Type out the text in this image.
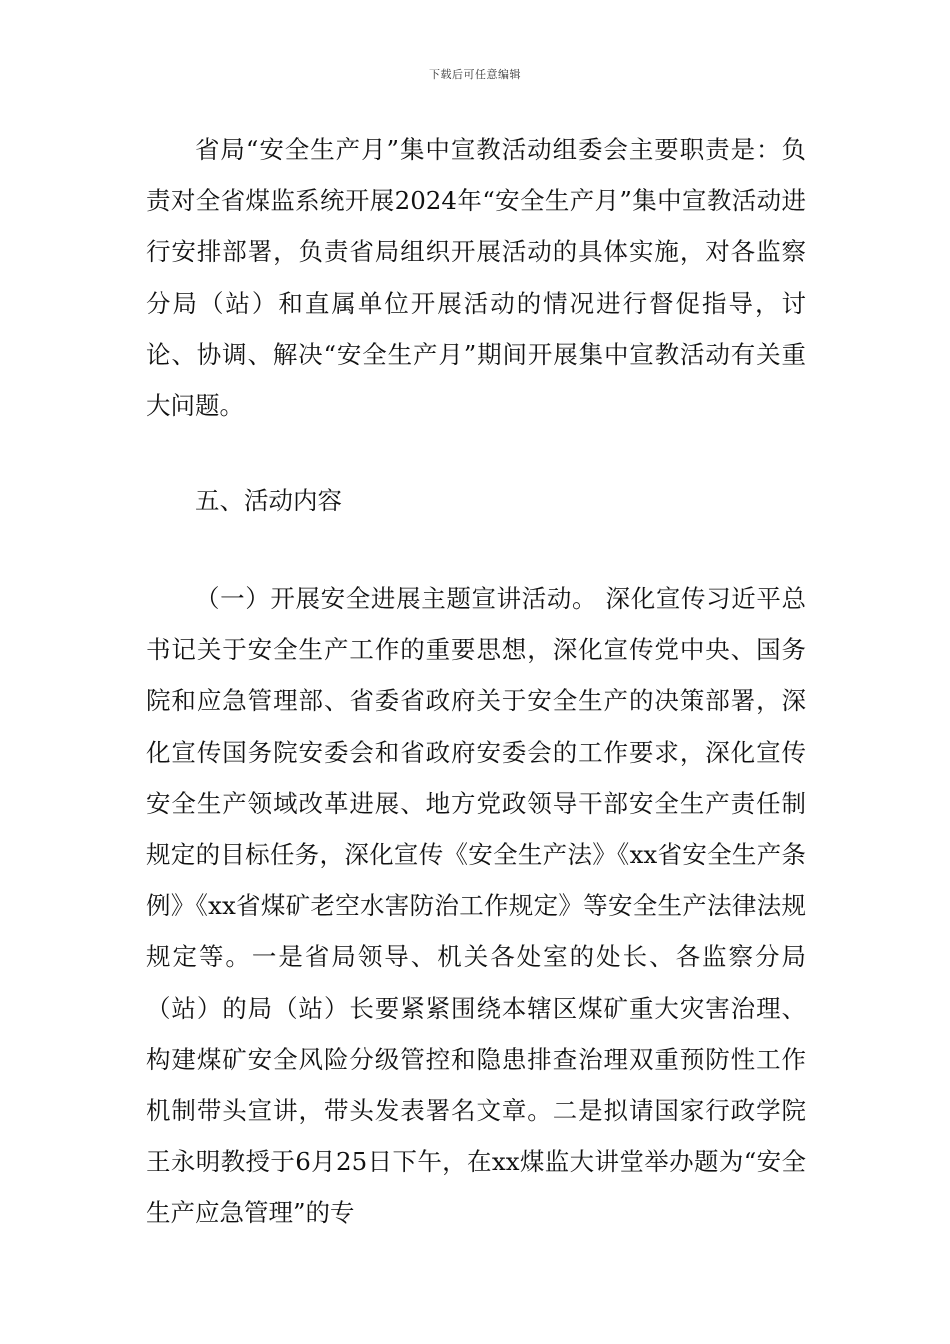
下载后可任意编辑

省局“安全生产月”集中宣教活动组委会主要职责是：负责对全省煤监系统开展2024年“安全生产月”集中宣教活动进行安排部署，负责省局组织开展活动的具体实施，对各监察分局（站）和直属单位开展活动的情况进行督促指导，讨论、协调、解决“安全生产月”期间开展集中宣教活动有关重大问题。

五、活动内容

（一）开展安全进展主题宣讲活动。 深化宣传习近平总书记关于安全生产工作的重要思想，深化宣传党中央、国务院和应急管理部、省委省政府关于安全生产的决策部署，深化宣传国务院安委会和省政府安委会的工作要求，深化宣传安全生产领域改革进展、地方党政领导干部安全生产责任制规定的目标任务，深化宣传《安全生产法》《xx省安全生产条例》《xx省煤矿老空水害防治工作规定》等安全生产法律法规规定等。一是省局领导、机关各处室的处长、各监察分局（站）的局（站）长要紧紧围绕本辖区煤矿重大灾害治理、构建煤矿安全风险分级管控和隐患排查治理双重预防性工作机制带头宣讲，带头发表署名文章。二是拟请国家行政学院王永明教授于6月25日下午，在xx煤监大讲堂举办题为“安全生产应急管理”的专
